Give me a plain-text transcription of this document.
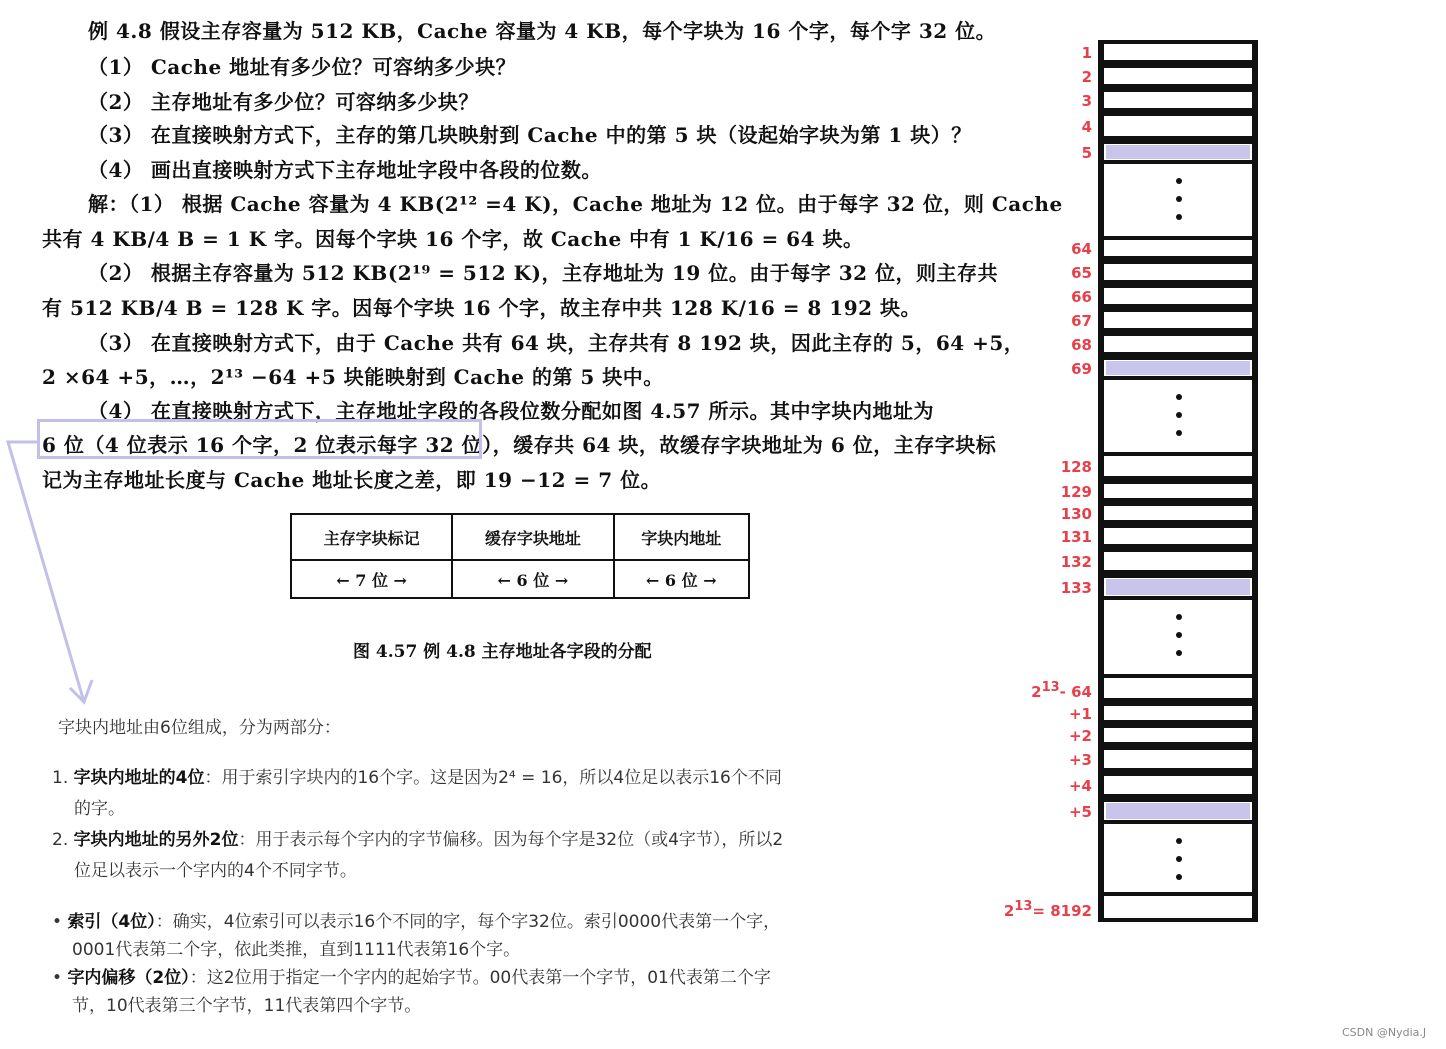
例 4.8 假设主存容量为 512 KB，Cache 容量为 4 KB，每个字块为 16 个字，每个字 32 位。
（1） Cache 地址有多少位？可容纳多少块？
（2） 主存地址有多少位？可容纳多少块？
（3） 在直接映射方式下，主存的第几块映射到 Cache 中的第 5 块（设起始字块为第 1 块）？
（4） 画出直接映射方式下主存地址字段中各段的位数。
解：（1） 根据 Cache 容量为 4 KB(2¹² =4 K)，Cache 地址为 12 位。由于每字 32 位，则 Cache
共有 4 KB/4 B = 1 K 字。因每个字块 16 个字，故 Cache 中有 1 K/16 = 64 块。
（2） 根据主存容量为 512 KB(2¹⁹ = 512 K)，主存地址为 19 位。由于每字 32 位，则主存共
有 512 KB/4 B = 128 K 字。因每个字块 16 个字，故主存中共 128 K/16 = 8 192 块。
（3） 在直接映射方式下，由于 Cache 共有 64 块，主存共有 8 192 块，因此主存的 5，64 +5，
2 ×64 +5，…，2¹³ −64 +5 块能映射到 Cache 的第 5 块中。
（4） 在直接映射方式下，主存地址字段的各段位数分配如图 4.57 所示。其中字块内地址为
6 位（4 位表示 16 个字，2 位表示每字 32 位），缓存共 64 块，故缓存字块地址为 6 位，主存字块标
记为主存地址长度与 Cache 地址长度之差，即 19 −12 = 7 位。
主存字块标记	缓存字块地址	字块内地址
← 7 位 →	← 6 位 →	← 6 位 →
图 4.57 例 4.8 主存地址各字段的分配
字块内地址由6位组成，分为两部分：
1. 字块内地址的4位：用于索引字块内的16个字。这是因为2⁴ = 16，所以4位足以表示16个不同
的字。
2. 字块内地址的另外2位：用于表示每个字内的字节偏移。因为每个字是32位（或4字节），所以2
位足以表示一个字内的4个不同字节。
• 索引（4位）：确实，4位索引可以表示16个不同的字，每个字32位。索引0000代表第一个字，
0001代表第二个字，依此类推，直到1111代表第16个字。
• 字内偏移（2位）：这2位用于指定一个字内的起始字节。00代表第一个字节，01代表第二个字
节，10代表第三个字节，11代表第四个字节。
1
2
3
4
5
64
65
66
67
68
69
128
129
130
131
132
133
$2^{13}-$ 64
+1
+2
+3
+4
+5
$2^{13}= 8192$
CSDN @Nydia.J
